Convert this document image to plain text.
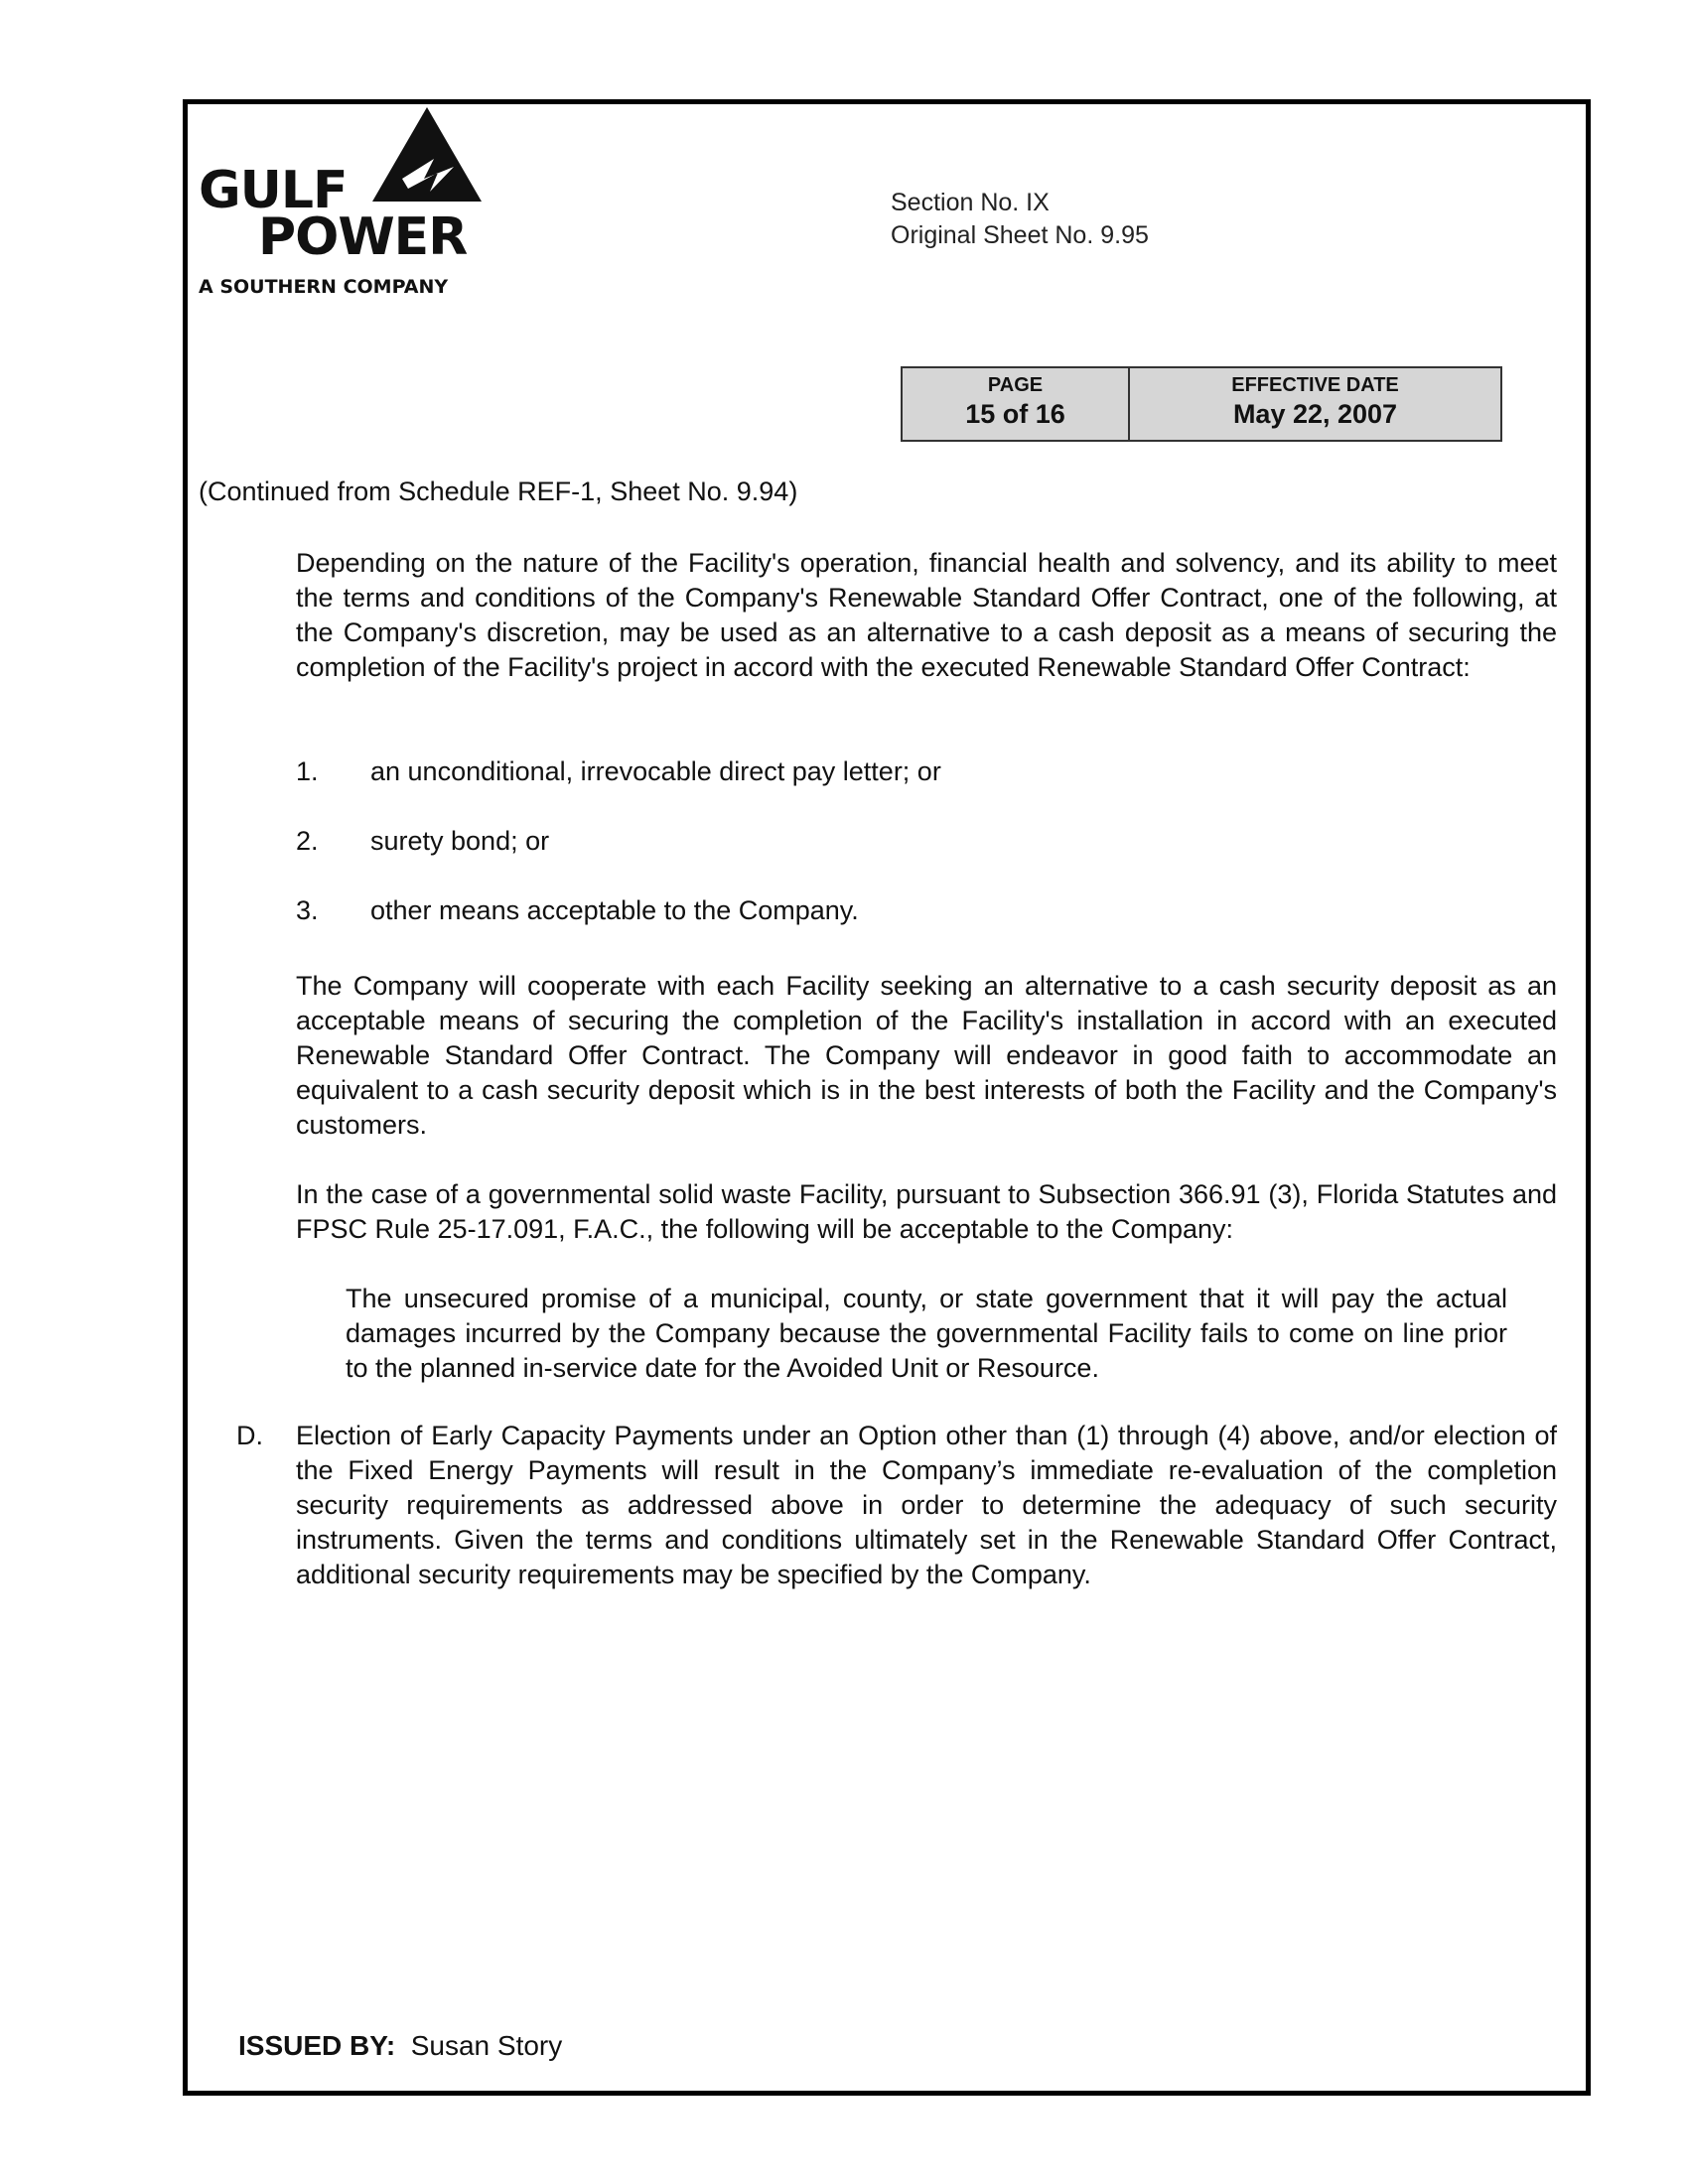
GULF
POWER
A SOUTHERN COMPANY
Section No. IX
Original Sheet No. 9.95
PAGE
15 of 16
EFFECTIVE DATE
May 22, 2007
(Continued from Schedule REF-1, Sheet No. 9.94)

Depending on the nature of the Facility's operation, financial health and solvency, and its ability to meet the terms and conditions of the Company's Renewable Standard Offer Contract, one of the following, at the Company's discretion, may be used as an alternative to a cash deposit as a means of securing the completion of the Facility's project in accord with the executed Renewable Standard Offer Contract:

1. an unconditional, irrevocable direct pay letter; or
2. surety bond; or
3. other means acceptable to the Company.

The Company will cooperate with each Facility seeking an alternative to a cash security deposit as an acceptable means of securing the completion of the Facility's installation in accord with an executed Renewable Standard Offer Contract. The Company will endeavor in good faith to accommodate an equivalent to a cash security deposit which is in the best interests of both the Facility and the Company's customers.

In the case of a governmental solid waste Facility, pursuant to Subsection 366.91 (3), Florida Statutes and FPSC Rule 25-17.091, F.A.C., the following will be acceptable to the Company:

The unsecured promise of a municipal, county, or state government that it will pay the actual damages incurred by the Company because the governmental Facility fails to come on line prior to the planned in-service date for the Avoided Unit or Resource.

D. Election of Early Capacity Payments under an Option other than (1) through (4) above, and/or election of the Fixed Energy Payments will result in the Company’s immediate re-evaluation of the completion security requirements as addressed above in order to determine the adequacy of such security instruments. Given the terms and conditions ultimately set in the Renewable Standard Offer Contract, additional security requirements may be specified by the Company.

ISSUED BY: Susan Story
